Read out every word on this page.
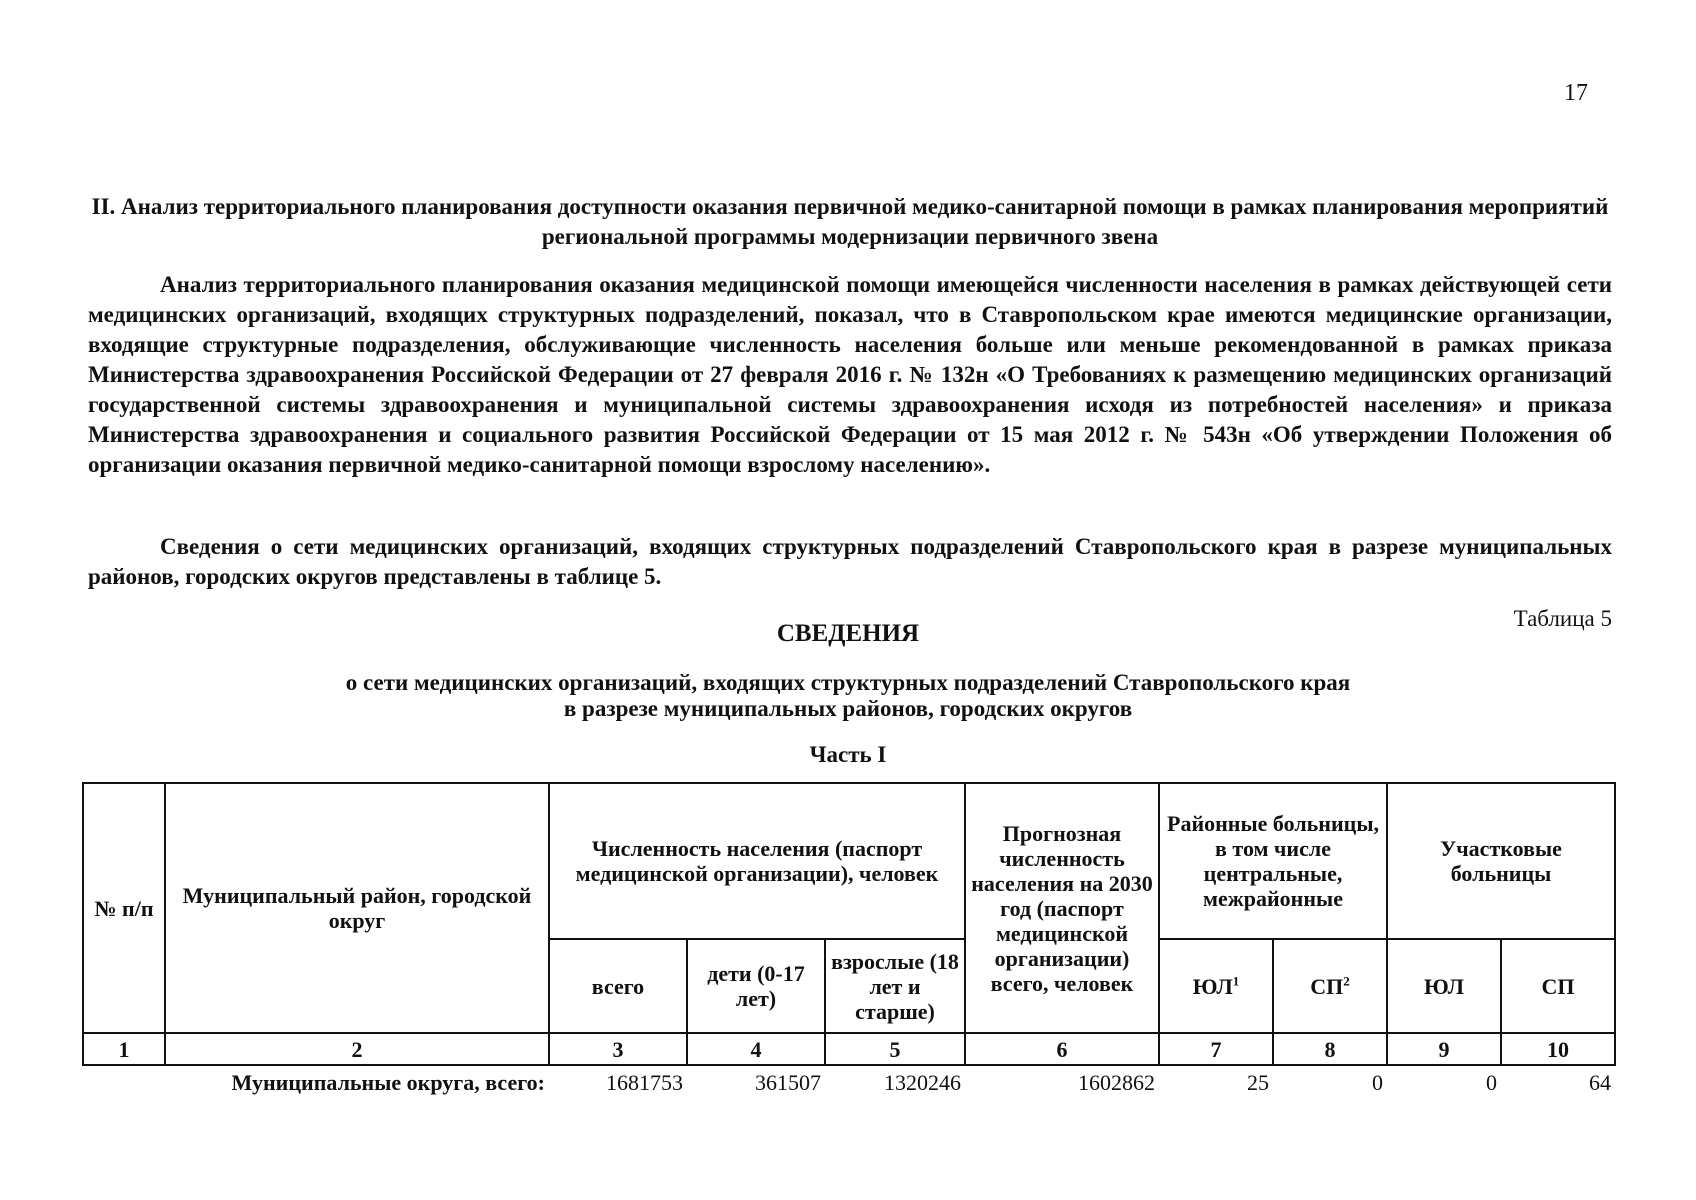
17
II. Анализ территориального планирования доступности оказания первичной медико-санитарной помощи в рамках планирования мероприятий региональной программы модернизации первичного звена
Анализ территориального планирования оказания медицинской помощи имеющейся численности населения в рамках действующей сети медицинских организаций, входящих структурных подразделений, показал, что в Ставропольском крае имеются медицинские организации, входящие структурные подразделения, обслуживающие численность населения больше или меньше рекомендованной в рамках приказа Министерства здравоохранения Российской Федерации от 27 февраля 2016 г. № 132н «О Требованиях к размещению медицинских организаций государственной системы здравоохранения и муниципальной системы здравоохранения исходя из потребностей населения» и приказа Министерства здравоохранения и социального развития Российской Федерации от 15 мая 2012 г. № 543н «Об утверждении Положения об организации оказания первичной медико-санитарной помощи взрослому населению».
Сведения о сети медицинских организаций, входящих структурных подразделений Ставропольского края в разрезе муниципальных районов, городских округов представлены в таблице 5.
Таблица 5
СВЕДЕНИЯ
о сети медицинских организаций, входящих структурных подразделений Ставропольского края
в разрезе муниципальных районов, городских округов
Часть I
№ п/п	Муниципальный район, городской округ	Численность населения (паспорт медицинской организации), человек			Прогнозная численность населения на 2030 год (паспорт медицинской организации) всего, человек	Районные больницы, в том числе центральные, межрайонные		Участковые больницы	
		всего	дети (0-17 лет)	взрослые (18 лет и старше)		$ЮЛ^1$	$СП^2$	ЮЛ	СП
1	2	3	4	5	6	7	8	9	10
Муниципальные округа, всего:		1681753	361507	1320246	1602862	25	0	0	64
